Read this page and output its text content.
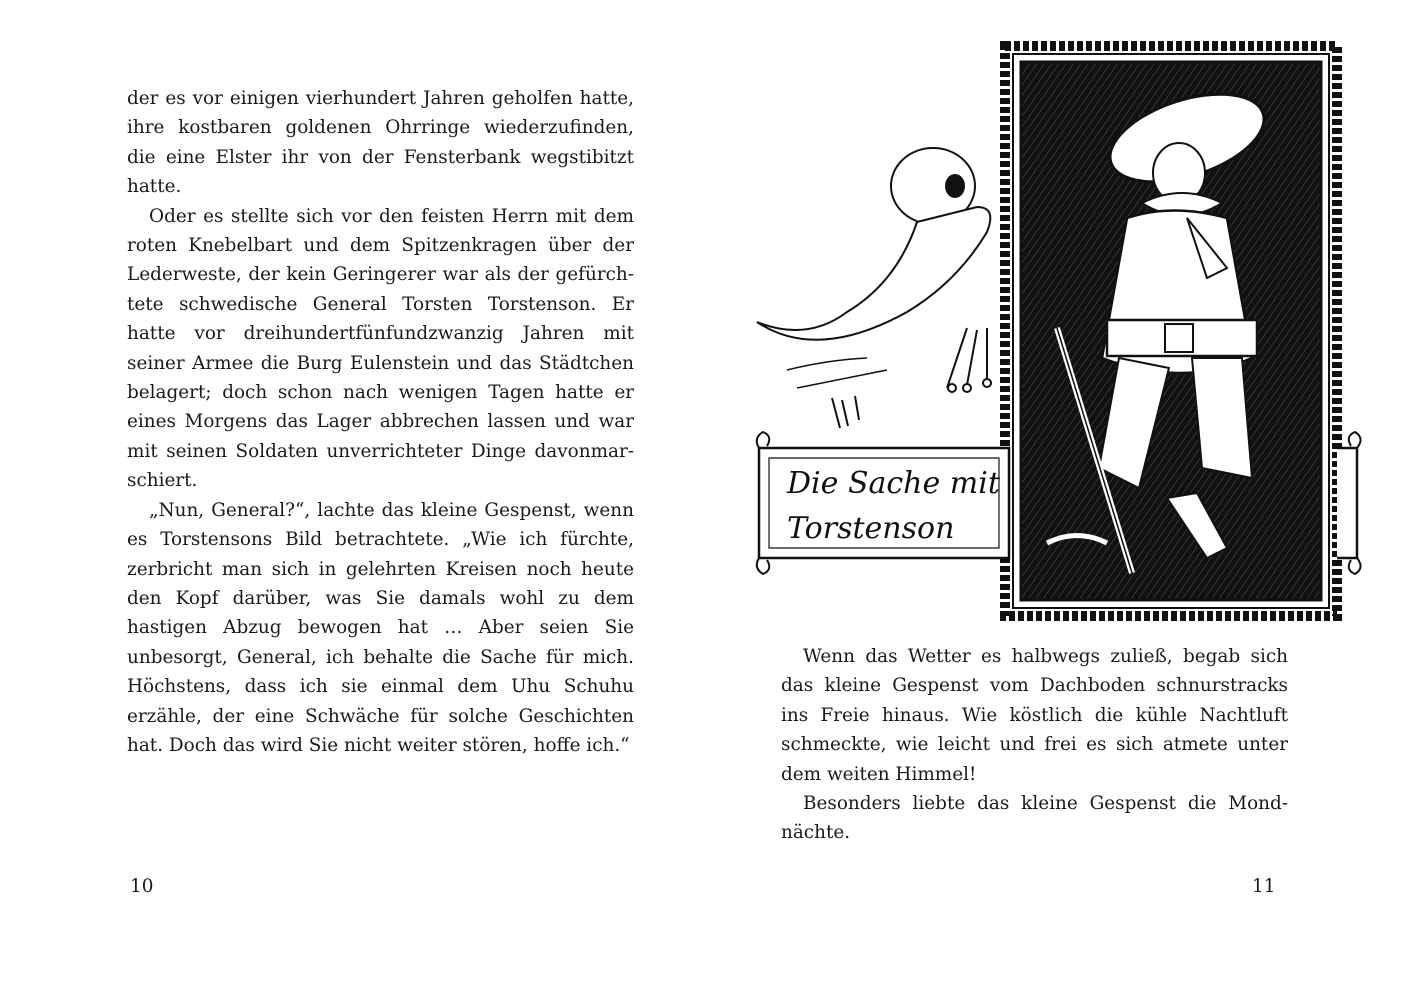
der es vor einigen vierhundert Jahren geholfen hatte, ihre kostbaren goldenen Ohrringe wiederzufinden, die eine Elster ihr von der Fensterbank wegstibitzt hatte.

Oder es stellte sich vor den feisten Herrn mit dem roten Knebelbart und dem Spitzenkragen über der Lederweste, der kein Geringerer war als der gefürchtete schwedische General Torsten Torstenson. Er hatte vor dreihundertfünfundzwanzig Jahren mit seiner Armee die Burg Eulenstein und das Städtchen belagert; doch schon nach wenigen Tagen hatte er eines Morgens das Lager abbrechen lassen und war mit seinen Soldaten unverrichteter Dinge davonmarschiert.

„Nun, General?“, lachte das kleine Gespenst, wenn es Torstensons Bild betrachtete. „Wie ich fürchte, zerbricht man sich in gelehrten Kreisen noch heute den Kopf darüber, was Sie damals wohl zu dem hastigen Abzug bewogen hat … Aber seien Sie unbesorgt, General, ich behalte die Sache für mich. Höchstens, dass ich sie einmal dem Uhu Schuhu erzähle, der eine Schwäche für solche Geschichten hat. Doch das wird Sie nicht weiter stören, hoffe ich.“

10
Die Sache mit
Torstenson

Wenn das Wetter es halbwegs zuließ, begab sich das kleine Gespenst vom Dachboden schnurstracks ins Freie hinaus. Wie köstlich die kühle Nachtluft schmeckte, wie leicht und frei es sich atmete unter dem weiten Himmel!

Besonders liebte das kleine Gespenst die Mondnächte.

11
